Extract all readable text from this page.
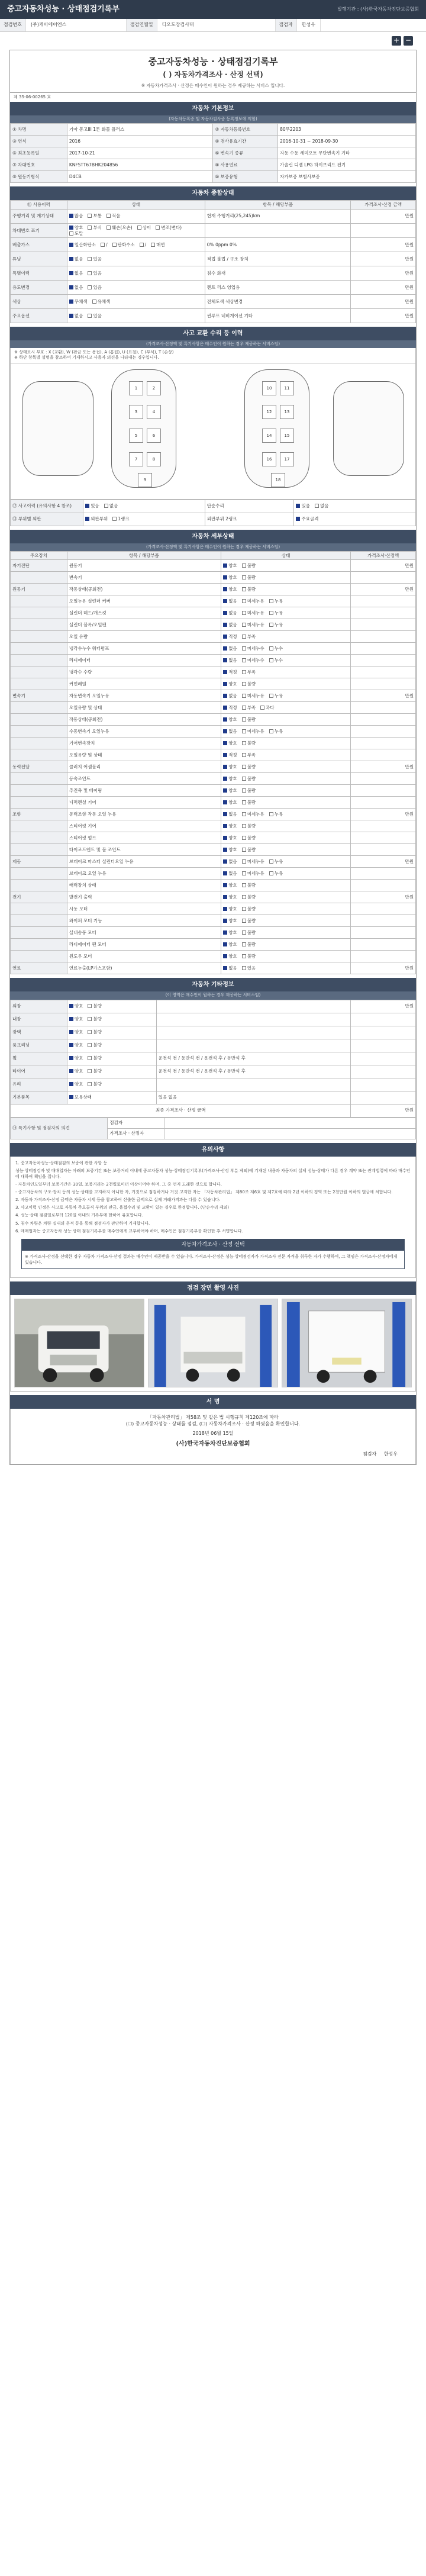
중고자동차성능 · 상태점검기록부	발행기관 : (사)한국자동차진단보증협회
점검번호	(주)케이에이엔스	점검연월일	디오도장검사대	점검자	한성우
+ −
중고자동차성능 · 상태점검기록부
( ) 자동차가격조사 · 산정 선택)
※ 자동차가격조사 · 산정은 매수인이 원하는 경우 제공하는 서비스 입니다.
제 35-06-00265 호
자동차 기본정보
(자동차등록증 및 자동차검사증 등록정보에 의함)
① 차명	기아 봉고III 1톤 화물 플러스	② 자동차등록번호	80무2203
③ 연식	2016	④ 검사유효기간	2016-10-31 ~ 2018-09-30
⑤ 최초등록일	2017-10-21	⑥ 변속기 종류	자동 수동 세미오토 무단변속기 기타
⑦ 차대번호	KNFSTT67BHK204856	⑧ 사용연료	가솔린 디젤 LPG 하이브리드 전기
⑨ 원동기형식	D4CB	⑩ 보증유형	자가보증 보험사보증
자동차 종합상태
⑪ 사용이력	상태	항목 / 해당부품	가격조사·산정 금액
주행거리 및 계기상태	많음 보통 적음	현재 주행거리(25,245)km	만원
차대번호 표기	양호 부식 훼손(오손) 상이 변조(변타)도말		
배출가스	일산화탄소 / 탄화수소 / 매연	0% 0ppm 0%	만원
튜닝	없음 있음	적법 불법 / 구조 장치	만원
특별이력	없음 있음	침수 화재	만원
용도변경	없음 있음	렌트 리스 영업용	만원
색상	무채색 유채색	전체도색 색상변경	만원
주요옵션	없음 있음	썬루프 네비게이션 기타	만원
사고 교환 수리 등 이력
(가격조사·산정액 및 특기사항은 매수인이 원하는 경우 제공하는 서비스임)
※ 상태표시 부호 : X (교환), W (판금 또는 용접), A (흠집), U (요철), C (부식), T (손상)
※ 하단 항목별 설명을 참조하여 기재하시고 사용자 의견을 나타내는 경우입니다.
1	2
3	4
5	6
7	8
9
10	11
12	13
14	15
16	17
18
⑫ 사고이력 (유의사항 4 참조)	있음 없음	단순수리	있음 없음
⑬ 부위별 외판	외판부위 1랭크	외판부위 2랭크	주요골격
자동차 세부상태
(가격조사·산정액 및 특기사항은 매수인이 원하는 경우 제공하는 서비스임)
주요장치	항목 / 해당부품	상태	가격조사·산정액
자기진단	원동기	양호 불량	만원
	변속기	양호 불량	
원동기	작동상태(공회전)	양호 불량	만원
	오일누유 실린더 커버	없음 미세누유 누유	
	실린더 헤드/개스킷	없음 미세누유 누유	
	실린더 블록/오일팬	없음 미세누유 누유	
	오일 유량	적정 부족	
	냉각수누수 워터펌프	없음 미세누수 누수	
	라디에이터	없음 미세누수 누수	
	냉각수 수량	적정 부족	
	커먼레일	양호 불량	
변속기	자동변속기 오일누유	없음 미세누유 누유	만원
	오일유량 및 상태	적정 부족 과다	
	작동상태(공회전)	양호 불량	
	수동변속기 오일누유	없음 미세누유 누유	
	기어변속장치	양호 불량	
	오일유량 및 상태	적정 부족	
동력전달	클러치 어셈블리	양호 불량	만원
	등속조인트	양호 불량	
	추진축 및 베어링	양호 불량	
	디퍼렌셜 기어	양호 불량	
조향	동력조향 작동 오일 누유	없음 미세누유 누유	만원
	스티어링 기어	양호 불량	
	스티어링 펌프	양호 불량	
	타이로드엔드 및 볼 조인트	양호 불량	
제동	브레이크 마스터 실린더오일 누유	없음 미세누유 누유	만원
	브레이크 오일 누유	없음 미세누유 누유	
	배력장치 상태	양호 불량	
전기	발전기 출력	양호 불량	만원
	시동 모터	양호 불량	
	와이퍼 모터 기능	양호 불량	
	실내송풍 모터	양호 불량	
	라디에이터 팬 모터	양호 불량	
	윈도우 모터	양호 불량	
연료	연료누출(LP가스포함)	없음 있음	만원
자동차 기타정보
(이 영역은 매수인이 원하는 경우 제공하는 서비스임)
외장	양호 불량		만원
내장	양호 불량		
광택	양호 불량		
룸크리닝	양호 불량		
휠	양호 불량	운전석 전 / 동반석 전 / 운전석 후 / 동반석 후	
타이어	양호 불량	운전석 전 / 동반석 전 / 운전석 후 / 동반석 후	
유리	양호 불량		
기본품목	보유상태	있음 없음	
최종 가격조사 · 산정 금액			만원
⑭ 특기사항 및 점검자의 의견	점검자	
	가격조사 · 산정자	
유의사항

1. 중고자동차성능·상태점검의 보증에 관한 사항 등

성능·상태점검자 및 매매업자는 아래의 보증기간 또는 보증거리 이내에 중고자동차 성능·상태점검기록부(가격조사·산정 부분 제외)에 기재된 내용과 자동차의 실제 성능·상태가 다른 경우 계약 또는 관계법령에 따라 매수인에 대하여 책임을 집니다.

- 자동차인도일부터 보증기간은 30일, 보증거리는 2천킬로미터 이상이어야 하며, 그 중 먼저 도래한 것으로 합니다.

- 중고자동차의 구조·장치 등의 성능·상태를 고지하지 아니한 자, 거짓으로 점검하거나 거짓 고지한 자는 「자동차관리법」 제80조 제6호 및 제7호에 따라 2년 이하의 징역 또는 2천만원 이하의 벌금에 처합니다.

2. 자동차 가격조사·산정 금액은 자동차 시세 등을 참고하여 산출한 금액으로 실제 거래가격과는 다를 수 있습니다.

3. 사고이력 인정은 사고로 자동차 주요골격 부위의 판금, 용접수리 및 교환이 있는 경우로 한정합니다. (단순수리 제외)

4. 성능·상태 점검일로부터 120일 이내의 기록부에 한하여 유효합니다.

5. 침수 차량은 차량 실내의 흔적 등을 통해 점검자가 판단하여 기재합니다.

6. 매매업자는 중고자동차 성능·상태 점검기록부를 매수인에게 교부하여야 하며, 매수인은 점검기록부를 확인한 후 서명합니다.

자동차가격조사 · 산정 선택
※ 가격조사·산정을 선택한 경우 자동차 가격조사·산정 결과는 매수인이 제공받을 수 있습니다. 가격조사·산정은 성능·상태점검자가 가격조사 전문 자격을 취득한 자가 수행하며, 그 책임은 가격조사·산정자에게 있습니다.
점검 장면 촬영 사진
서 명
「자동차관리법」 제58조 및 같은 법 시행규칙 제120조에 따라
(☐) 중고자동차성능 · 상태를 점검, (☐) 자동차가격조사 · 산정 하였음을 확인합니다.
2018년 06월 15일
(사)한국자동차진단보증협회
점검자 한성우
